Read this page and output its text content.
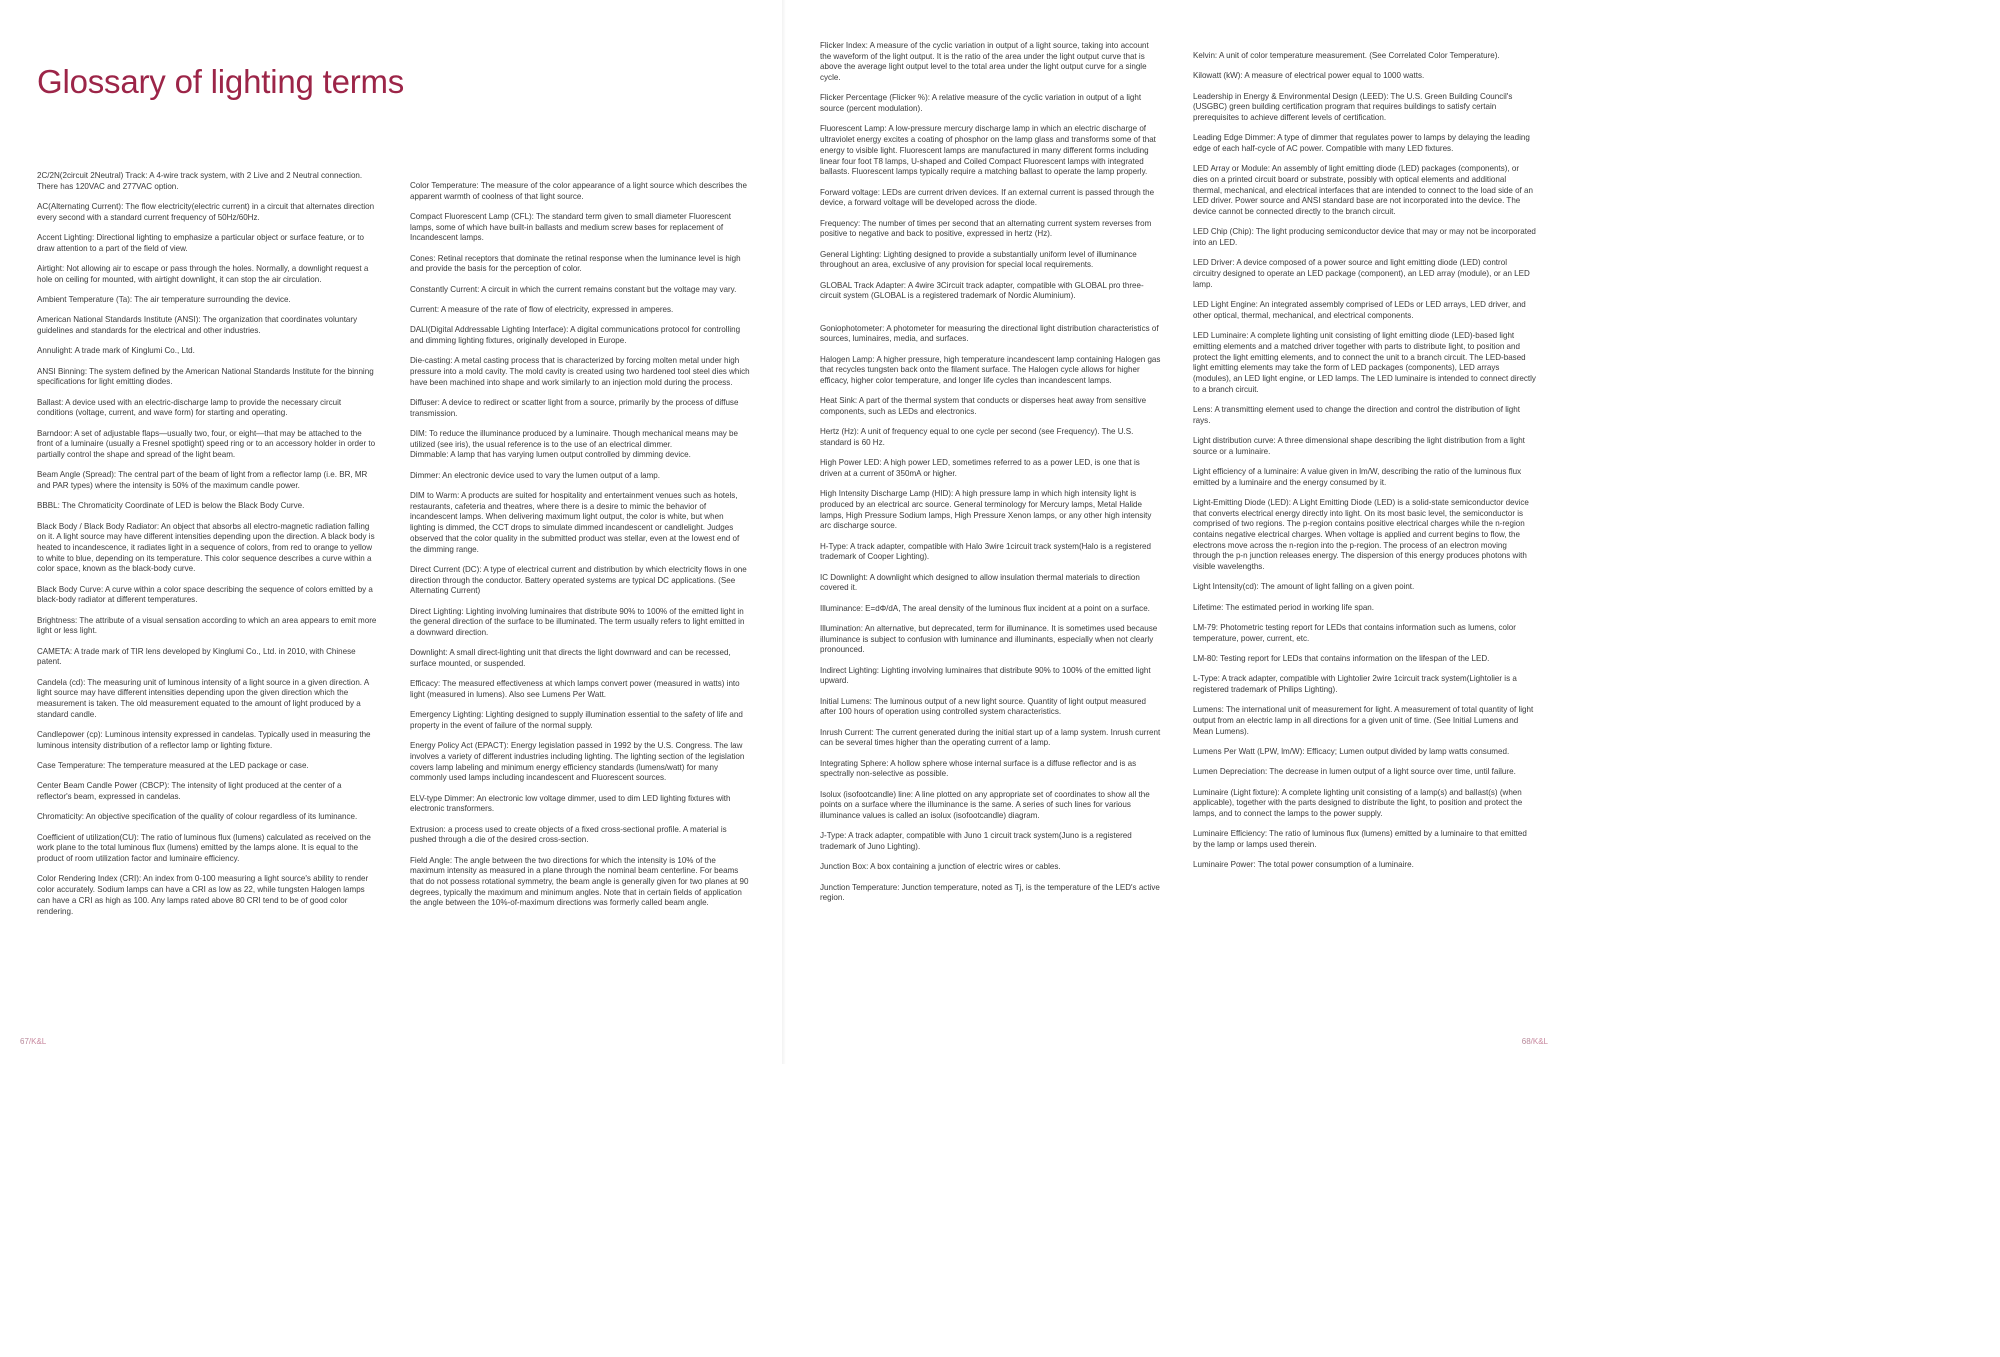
Glossary of lighting terms

2C/2N(2circuit 2Neutral) Track: A 4-wire track system, with 2 Live and 2 Neutral connection. There has 120VAC and 277VAC option.

AC(Alternating Current): The flow electricity(electric current) in a circuit that alternates direction every second with a standard current frequency of 50Hz/60Hz.

Accent Lighting: Directional lighting to emphasize a particular object or surface feature, or to draw attention to a part of the field of view.

Airtight: Not allowing air to escape or pass through the holes. Normally, a downlight request a hole on ceiling for mounted, with airtight downlight, it can stop the air circulation.

Ambient Temperature (Ta): The air temperature surrounding the device.

American National Standards Institute (ANSI): The organization that coordinates voluntary guidelines and standards for the electrical and other industries.

Annulight: A trade mark of Kinglumi Co., Ltd.

ANSI Binning: The system defined by the American National Standards Institute for the binning specifications for light emitting diodes.

Ballast: A device used with an electric-discharge lamp to provide the necessary circuit conditions (voltage, current, and wave form) for starting and operating.

Barndoor: A set of adjustable flaps—usually two, four, or eight—that may be attached to the front of a luminaire (usually a Fresnel spotlight) speed ring or to an accessory holder in order to partially control the shape and spread of the light beam.

Beam Angle (Spread): The central part of the beam of light from a reflector lamp (i.e. BR, MR and PAR types) where the intensity is 50% of the maximum candle power.

BBBL: The Chromaticity Coordinate of LED is below the Black Body Curve.

Black Body / Black Body Radiator: An object that absorbs all electro-magnetic radiation falling on it. A light source may have different intensities depending upon the direction. A black body is heated to incandescence, it radiates light in a sequence of colors, from red to orange to yellow to white to blue, depending on its temperature. This color sequence describes a curve within a color space, known as the black-body curve.

Black Body Curve: A curve within a color space describing the sequence of colors emitted by a black-body radiator at different temperatures.

Brightness: The attribute of a visual sensation according to which an area appears to emit more light or less light.

CAMETA: A trade mark of TIR lens developed by Kinglumi Co., Ltd. in 2010, with Chinese patent.

Candela (cd): The measuring unit of luminous intensity of a light source in a given direction. A light source may have different intensities depending upon the given direction which the measurement is taken. The old measurement equated to the amount of light produced by a standard candle.

Candlepower (cp): Luminous intensity expressed in candelas. Typically used in measuring the luminous intensity distribution of a reflector lamp or lighting fixture.

Case Temperature: The temperature measured at the LED package or case.

Center Beam Candle Power (CBCP): The intensity of light produced at the center of a reflector's beam, expressed in candelas.

Chromaticity: An objective specification of the quality of colour regardless of its luminance.

Coefficient of utilization(CU): The ratio of luminous flux (lumens) calculated as received on the work plane to the total luminous flux (lumens) emitted by the lamps alone. It is equal to the product of room utilization factor and luminaire efficiency.

Color Rendering Index (CRI): An index from 0-100 measuring a light source's ability to render color accurately. Sodium lamps can have a CRI as low as 22, while tungsten Halogen lamps can have a CRI as high as 100. Any lamps rated above 80 CRI tend to be of good color rendering.

Color Temperature: The measure of the color appearance of a light source which describes the apparent warmth of coolness of that light source.

Compact Fluorescent Lamp (CFL): The standard term given to small diameter Fluorescent lamps, some of which have built-in ballasts and medium screw bases for replacement of Incandescent lamps.

Cones: Retinal receptors that dominate the retinal response when the luminance level is high and provide the basis for the perception of color.

Constantly Current: A circuit in which the current remains constant but the voltage may vary.

Current: A measure of the rate of flow of electricity, expressed in amperes.

DALI(Digital Addressable Lighting Interface): A digital communications protocol for controlling and dimming lighting fixtures, originally developed in Europe.

Die-casting: A metal casting process that is characterized by forcing molten metal under high pressure into a mold cavity. The mold cavity is created using two hardened tool steel dies which have been machined into shape and work similarly to an injection mold during the process.

Diffuser: A device to redirect or scatter light from a source, primarily by the process of diffuse transmission.

DIM: To reduce the illuminance produced by a luminaire. Though mechanical means may be utilized (see iris), the usual reference is to the use of an electrical dimmer.

Dimmable: A lamp that has varying lumen output controlled by dimming device.

Dimmer: An electronic device used to vary the lumen output of a lamp.

DIM to Warm: A products are suited for hospitality and entertainment venues such as hotels, restaurants, cafeteria and theatres, where there is a desire to mimic the behavior of incandescent lamps. When delivering maximum light output, the color is white, but when lighting is dimmed, the CCT drops to simulate dimmed incandescent or candlelight. Judges observed that the color quality in the submitted product was stellar, even at the lowest end of the dimming range.

Direct Current (DC): A type of electrical current and distribution by which electricity flows in one direction through the conductor. Battery operated systems are typical DC applications. (See Alternating Current)

Direct Lighting: Lighting involving luminaires that distribute 90% to 100% of the emitted light in the general direction of the surface to be illuminated. The term usually refers to light emitted in a downward direction.

Downlight: A small direct-lighting unit that directs the light downward and can be recessed, surface mounted, or suspended.

Efficacy: The measured effectiveness at which lamps convert power (measured in watts) into light (measured in lumens). Also see Lumens Per Watt.

Emergency Lighting: Lighting designed to supply illumination essential to the safety of life and property in the event of failure of the normal supply.

Energy Policy Act (EPACT): Energy legislation passed in 1992 by the U.S. Congress. The law involves a variety of different industries including lighting. The lighting section of the legislation covers lamp labeling and minimum energy efficiency standards (lumens/watt) for many commonly used lamps including incandescent and Fluorescent sources.

ELV-type Dimmer: An electronic low voltage dimmer, used to dim LED lighting fixtures with electronic transformers.

Extrusion: a process used to create objects of a fixed cross-sectional profile. A material is pushed through a die of the desired cross-section.

Field Angle: The angle between the two directions for which the intensity is 10% of the maximum intensity as measured in a plane through the nominal beam centerline. For beams that do not possess rotational symmetry, the beam angle is generally given for two planes at 90 degrees, typically the maximum and minimum angles. Note that in certain fields of application the angle between the 10%-of-maximum directions was formerly called beam angle.

Flicker Index: A measure of the cyclic variation in output of a light source, taking into account the waveform of the light output. It is the ratio of the area under the light output curve that is above the average light output level to the total area under the light output curve for a single cycle.

Flicker Percentage (Flicker %): A relative measure of the cyclic variation in output of a light source (percent modulation).

Fluorescent Lamp: A low-pressure mercury discharge lamp in which an electric discharge of ultraviolet energy excites a coating of phosphor on the lamp glass and transforms some of that energy to visible light. Fluorescent lamps are manufactured in many different forms including linear four foot T8 lamps, U-shaped and Coiled Compact Fluorescent lamps with integrated ballasts. Fluorescent lamps typically require a matching ballast to operate the lamp properly.

Forward voltage: LEDs are current driven devices. If an external current is passed through the device, a forward voltage will be developed across the diode.

Frequency: The number of times per second that an alternating current system reverses from positive to negative and back to positive, expressed in hertz (Hz).

General Lighting: Lighting designed to provide a substantially uniform level of illuminance throughout an area, exclusive of any provision for special local requirements.

GLOBAL Track Adapter: A 4wire 3Circuit track adapter, compatible with GLOBAL pro three-circuit system (GLOBAL is a registered trademark of Nordic Aluminium).

Goniophotometer: A photometer for measuring the directional light distribution characteristics of sources, luminaires, media, and surfaces.

Halogen Lamp: A higher pressure, high temperature incandescent lamp containing Halogen gas that recycles tungsten back onto the filament surface. The Halogen cycle allows for higher efficacy, higher color temperature, and longer life cycles than incandescent lamps.

Heat Sink: A part of the thermal system that conducts or disperses heat away from sensitive components, such as LEDs and electronics.

Hertz (Hz): A unit of frequency equal to one cycle per second (see Frequency). The U.S. standard is 60 Hz.

High Power LED: A high power LED, sometimes referred to as a power LED, is one that is driven at a current of 350mA or higher.

High Intensity Discharge Lamp (HID): A high pressure lamp in which high intensity light is produced by an electrical arc source. General terminology for Mercury lamps, Metal Halide lamps, High Pressure Sodium lamps, High Pressure Xenon lamps, or any other high intensity arc discharge source.

H-Type: A track adapter, compatible with Halo 3wire 1circuit track system(Halo is a registered trademark of Cooper Lighting).

IC Downlight: A downlight which designed to allow insulation thermal materials to direction covered it.

Illuminance: E=dΦ/dA, The areal density of the luminous flux incident at a point on a surface.

Illumination: An alternative, but deprecated, term for illuminance. It is sometimes used because illuminance is subject to confusion with luminance and illuminants, especially when not clearly pronounced.

Indirect Lighting: Lighting involving luminaires that distribute 90% to 100% of the emitted light upward.

Initial Lumens: The luminous output of a new light source. Quantity of light output measured after 100 hours of operation using controlled system characteristics.

Inrush Current: The current generated during the initial start up of a lamp system. Inrush current can be several times higher than the operating current of a lamp.

Integrating Sphere: A hollow sphere whose internal surface is a diffuse reflector and is as spectrally non-selective as possible.

Isolux (isofootcandle) line: A line plotted on any appropriate set of coordinates to show all the points on a surface where the illuminance is the same. A series of such lines for various illuminance values is called an isolux (isofootcandle) diagram.

J-Type: A track adapter, compatible with Juno 1 circuit track system(Juno is a registered trademark of Juno Lighting).

Junction Box: A box containing a junction of electric wires or cables.

Junction Temperature: Junction temperature, noted as Tj, is the temperature of the LED's active region.

Kelvin: A unit of color temperature measurement. (See Correlated Color Temperature).

Kilowatt (kW): A measure of electrical power equal to 1000 watts.

Leadership in Energy & Environmental Design (LEED): The U.S. Green Building Council's (USGBC) green building certification program that requires buildings to satisfy certain prerequisites to achieve different levels of certification.

Leading Edge Dimmer: A type of dimmer that regulates power to lamps by delaying the leading edge of each half-cycle of AC power. Compatible with many LED fixtures.

LED Array or Module: An assembly of light emitting diode (LED) packages (components), or dies on a printed circuit board or substrate, possibly with optical elements and additional thermal, mechanical, and electrical interfaces that are intended to connect to the load side of an LED driver. Power source and ANSI standard base are not incorporated into the device. The device cannot be connected directly to the branch circuit.

LED Chip (Chip): The light producing semiconductor device that may or may not be incorporated into an LED.

LED Driver: A device composed of a power source and light emitting diode (LED) control circuitry designed to operate an LED package (component), an LED array (module), or an LED lamp.

LED Light Engine: An integrated assembly comprised of LEDs or LED arrays, LED driver, and other optical, thermal, mechanical, and electrical components.

LED Luminaire: A complete lighting unit consisting of light emitting diode (LED)-based light emitting elements and a matched driver together with parts to distribute light, to position and protect the light emitting elements, and to connect the unit to a branch circuit. The LED-based light emitting elements may take the form of LED packages (components), LED arrays (modules), an LED light engine, or LED lamps. The LED luminaire is intended to connect directly to a branch circuit.

Lens: A transmitting element used to change the direction and control the distribution of light rays.

Light distribution curve: A three dimensional shape describing the light distribution from a light source or a luminaire.

Light efficiency of a luminaire: A value given in lm/W, describing the ratio of the luminous flux emitted by a luminaire and the energy consumed by it.

Light-Emitting Diode (LED): A Light Emitting Diode (LED) is a solid-state semiconductor device that converts electrical energy directly into light. On its most basic level, the semiconductor is comprised of two regions. The p-region contains positive electrical charges while the n-region contains negative electrical charges. When voltage is applied and current begins to flow, the electrons move across the n-region into the p-region. The process of an electron moving through the p-n junction releases energy. The dispersion of this energy produces photons with visible wavelengths.

Light Intensity(cd): The amount of light falling on a given point.

Lifetime: The estimated period in working life span.

LM-79: Photometric testing report for LEDs that contains information such as lumens, color temperature, power, current, etc.

LM-80: Testing report for LEDs that contains information on the lifespan of the LED.

L-Type: A track adapter, compatible with Lightolier 2wire 1circuit track system(Lightolier is a registered trademark of Philips Lighting).

Lumens: The international unit of measurement for light. A measurement of total quantity of light output from an electric lamp in all directions for a given unit of time. (See Initial Lumens and Mean Lumens).

Lumens Per Watt (LPW, lm/W): Efficacy; Lumen output divided by lamp watts consumed.

Lumen Depreciation: The decrease in lumen output of a light source over time, until failure.

Luminaire (Light fixture): A complete lighting unit consisting of a lamp(s) and ballast(s) (when applicable), together with the parts designed to distribute the light, to position and protect the lamps, and to connect the lamps to the power supply.

Luminaire Efficiency: The ratio of luminous flux (lumens) emitted by a luminaire to that emitted by the lamp or lamps used therein.

Luminaire Power: The total power consumption of a luminaire.

67/K&L	68/K&L
